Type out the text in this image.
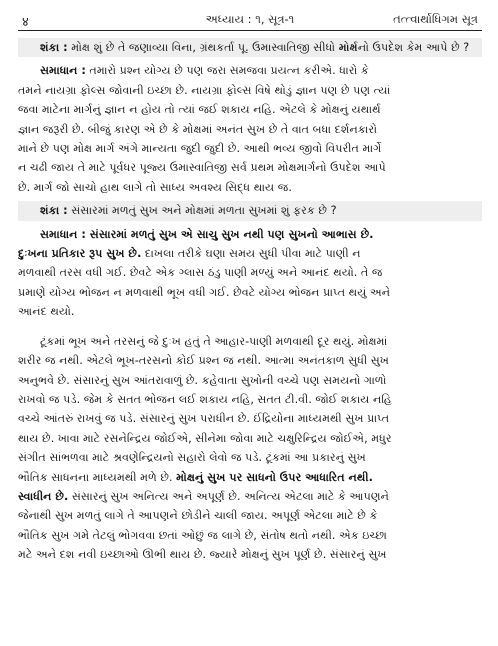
४	અધ્યાય : ૧, સૂત્ર-૧	તત્ત્વાર્થાધિગમ સૂત્ર
શંકા : મોક્ષ શું છે તે જણાવ્યા વિના, ગ્રંથકર્તા પૂ. ઉમાસ્વાતિજી સીધો મોક્ષ માર્ગનો ઉપદેશ કેમ આપે છે ?
સમાધાન : તમારો પ્રશ્ન યોગ્ય છે પણ જરા સમજવા પ્રયત્ન કરીએ. ધારો કે
તમને નાયગ્રા ફોલ્સ જોવાની ઇચ્છા છે. નાયગ્રા ફોલ્સ વિષે થોડું જ્ઞાન પણ છે પણ ત્યાં
જવા માટેના માર્ગનું જ્ઞાન ન હોય તો ત્યાં જઈ શકાય નહિ. એટલે કે મોક્ષનું યથાર્થ
જ્ઞાન જરૂરી છે. બીજું કારણ એ છે કે મોક્ષમાં અનંત સુખ છે તે વાત બધા દર્શનકારો
માને છે પણ મોક્ષ માર્ગ અંગે માન્યતા જુદી જુદી છે. આથી ભવ્ય જીવો વિપરીત માર્ગે
ન ચઢી જાય તે માટે પૂર્વધર પૂજ્ય ઉમાસ્વાતિજી સર્વ પ્રથમ મોક્ષમાર્ગનો ઉપદેશ આપે
છે. માર્ગ જો સાચો હાથ લાગે તો સાધ્ય અવશ્ય સિદ્ધ થાય જ.
શંકા : સંસારમાં મળતું સુખ અને મોક્ષમાં મળતા સુખમાં શું ફરક છે ?
સમાધાન : સંસારમાં મળતું સુખ એ સાચુ સુખ નથી પણ સુખનો આભાસ છે.
દુઃખના પ્રતિકાર રૂપ સુખ છે. દાખલા તરીકે ઘણા સમય સુધી પીવા માટે પાણી ન
મળવાથી તરસ વધી ગઈ. છેવટે એક ગ્લાસ ઠંડુ પાણી મળ્યું અને આનંદ થયો. તે જ
પ્રમાણે યોગ્ય ભોજન ન મળવાથી ભૂખ વધી ગઈ. છેવટે યોગ્ય ભોજન પ્રાપ્ત થયું અને
આનંદ થયો.
ટૂંકમાં ભૂખ અને તરસનું જે દુઃખ હતું તે આહાર-પાણી મળવાથી દૂર થયું. મોક્ષમાં
શરીર જ નથી. એટલે ભૂખ-તરસનો કોઈ પ્રશ્ન જ નથી. આત્મા અનંતકાળ સુધી સુખ
અનુભવે છે. સંસારનું સુખ આંતરાવાળું છે. કહેવાતા સુખોની વચ્ચે પણ સમયનો ગાળો
રાખવો જ પડે. જેમ કે સતત ભોજન લઈ શકાય નહિ, સતત ટી.વી. જોઈ શકાય નહિ
વચ્ચે આંતરું રાખવું જ પડે. સંસારનું સુખ પરાધીન છે. ઈંદ્રિયોના માધ્યમથી સુખ પ્રાપ્ત
થાય છે. ખાવા માટે રસનેન્દ્રિય જોઈએ, સીનેમા જોવા માટે ચક્ષુરિન્દ્રિય જોઈએ, મધુર
સંગીત સાંભળવા માટે શ્રવણેન્દ્રિયનો સહારો લેવો જ પડે. ટૂંકમાં આ પ્રકારનું સુખ
ભૌતિક સાધનના માધ્યમથી મળે છે. મોક્ષનું સુખ પર સાધનો ઉપર આધારિત નથી.
સ્વાધીન છે. સંસારનું સુખ અનિત્ય અને અપૂર્ણ છે. અનિત્ય એટલા માટે કે આપણને
જેનાથી સુખ મળતું લાગે તે આપણને છોડીને ચાલી જાય. અપૂર્ણ એટલા માટે છે કે
ભૌતિક સુખ ગમે તેટલું ભોગવવા છતાં ઓછું જ લાગે છે, સંતોષ થતો નથી. એક ઇચ્છા
મટે અને દશ નવી ઇચ્છાઓ ઊભી થાય છે. જ્યારે મોક્ષનું સુખ પૂર્ણ છે. સંસારનું સુખ
